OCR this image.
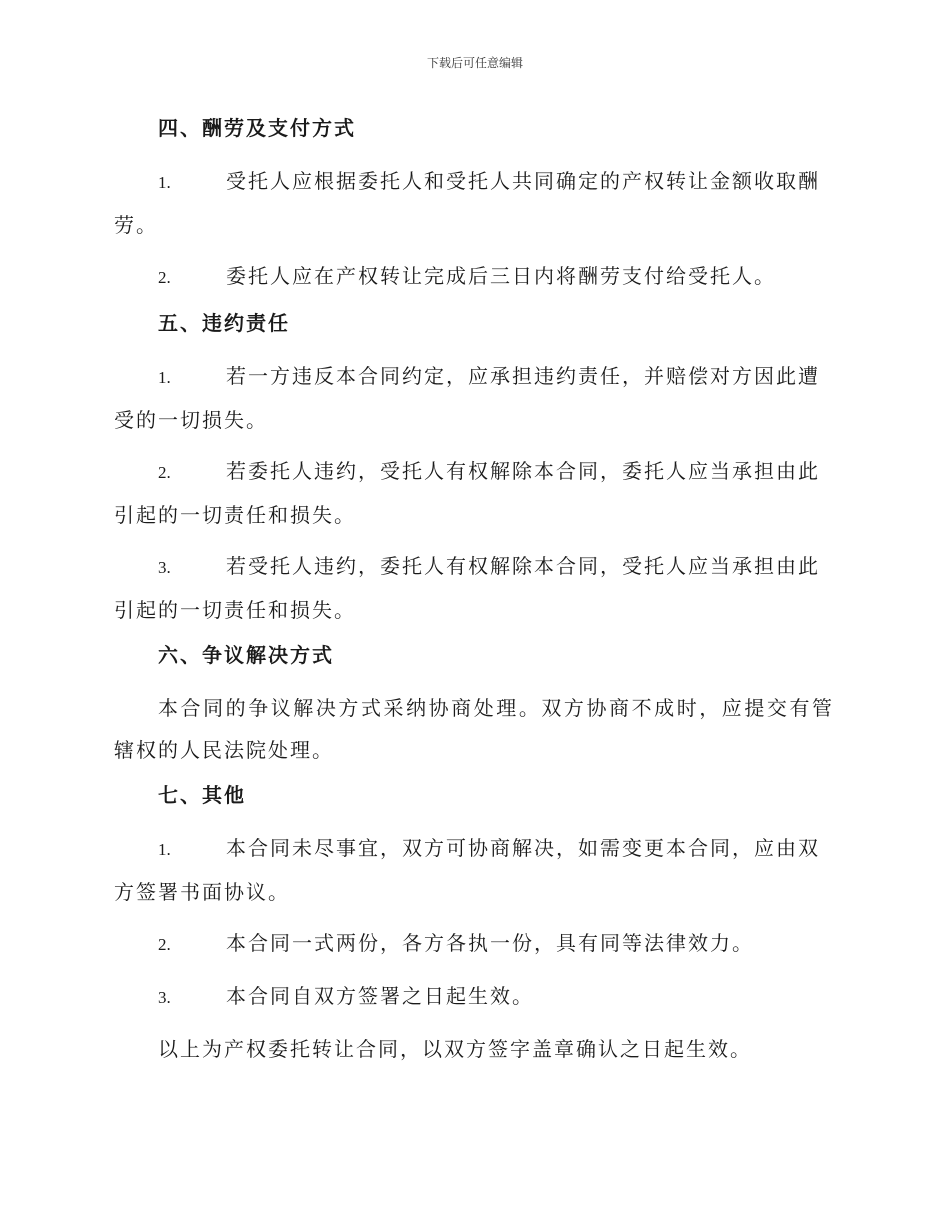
下载后可任意编辑
四、酬劳及支付方式
1.	受托人应根据委托人和受托人共同确定的产权转让金额收取酬劳。
2.	委托人应在产权转让完成后三日内将酬劳支付给受托人。
五、违约责任
1.	若一方违反本合同约定，应承担违约责任，并赔偿对方因此遭受的一切损失。
2.	若委托人违约，受托人有权解除本合同，委托人应当承担由此引起的一切责任和损失。
3.	若受托人违约，委托人有权解除本合同，受托人应当承担由此引起的一切责任和损失。
六、争议解决方式
本合同的争议解决方式采纳协商处理。双方协商不成时，应提交有管辖权的人民法院处理。
七、其他
1.	本合同未尽事宜，双方可协商解决，如需变更本合同，应由双方签署书面协议。
2.	本合同一式两份，各方各执一份，具有同等法律效力。
3.	本合同自双方签署之日起生效。
以上为产权委托转让合同，以双方签字盖章确认之日起生效。
